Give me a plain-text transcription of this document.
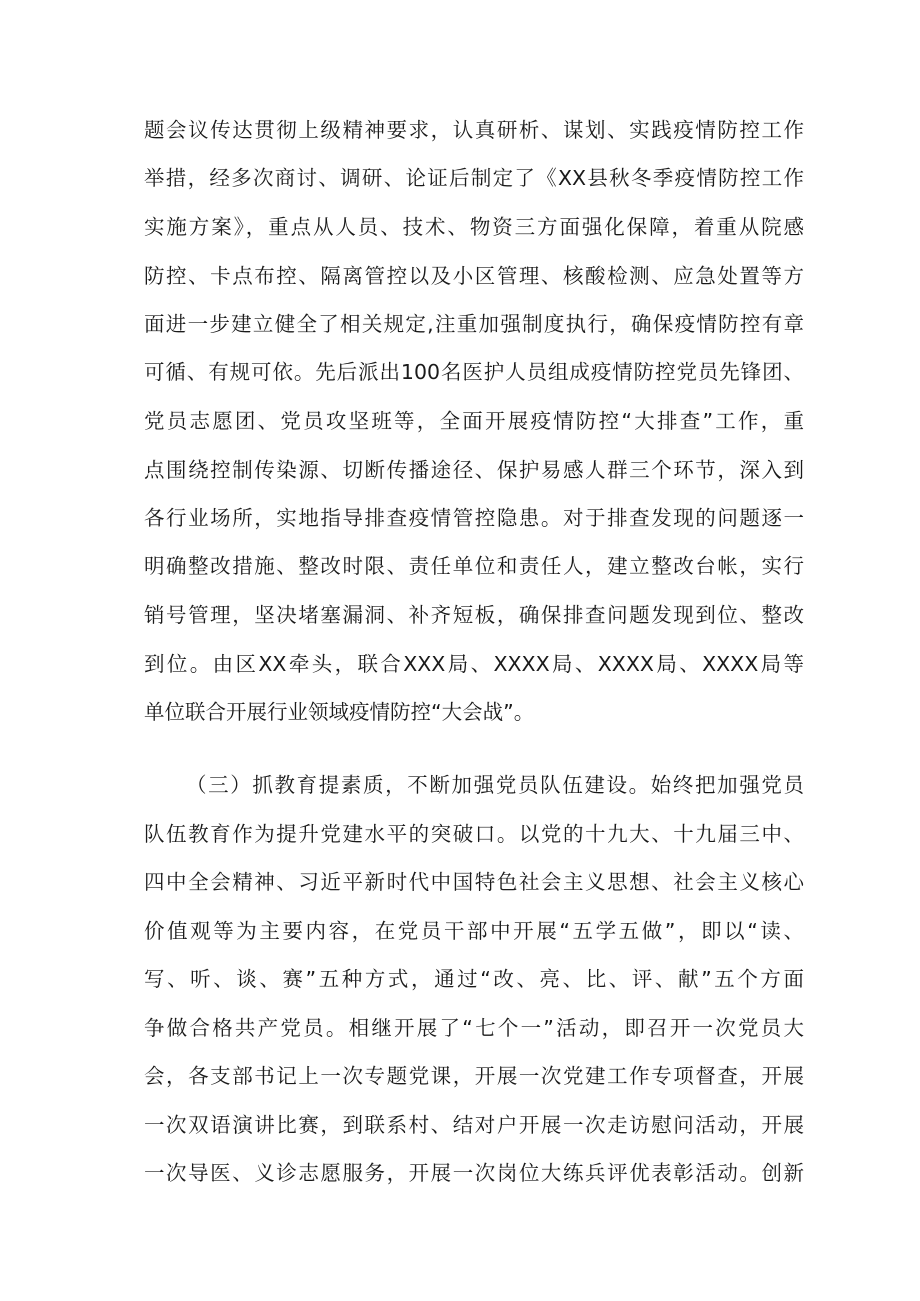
题会议传达贯彻上级精神要求，认真研析、谋划、实践疫情防控工作
举措，经多次商讨、调研、论证后制定了《XX县秋冬季疫情防控工作
实施方案》，重点从人员、技术、物资三方面强化保障，着重从院感
防控、卡点布控、隔离管控以及小区管理、核酸检测、应急处置等方
面进一步建立健全了相关规定,注重加强制度执行，确保疫情防控有章
可循、有规可依。先后派出100名医护人员组成疫情防控党员先锋团、
党员志愿团、党员攻坚班等，全面开展疫情防控“大排查”工作，重
点围绕控制传染源、切断传播途径、保护易感人群三个环节，深入到
各行业场所，实地指导排查疫情管控隐患。对于排查发现的问题逐一
明确整改措施、整改时限、责任单位和责任人，建立整改台帐，实行
销号管理，坚决堵塞漏洞、补齐短板，确保排查问题发现到位、整改
到位。由区XX牵头，联合XXX局、XXXX局、XXXX局、XXXX局等
单位联合开展行业领域疫情防控“大会战”。
（三）抓教育提素质，不断加强党员队伍建设。始终把加强党员
队伍教育作为提升党建水平的突破口。以党的十九大、十九届三中、
四中全会精神、习近平新时代中国特色社会主义思想、社会主义核心
价值观等为主要内容，在党员干部中开展“五学五做”，即以“读、
写、听、谈、赛”五种方式，通过“改、亮、比、评、献”五个方面
争做合格共产党员。相继开展了“七个一”活动，即召开一次党员大
会，各支部书记上一次专题党课，开展一次党建工作专项督查，开展
一次双语演讲比赛，到联系村、结对户开展一次走访慰问活动，开展
一次导医、义诊志愿服务，开展一次岗位大练兵评优表彰活动。创新
